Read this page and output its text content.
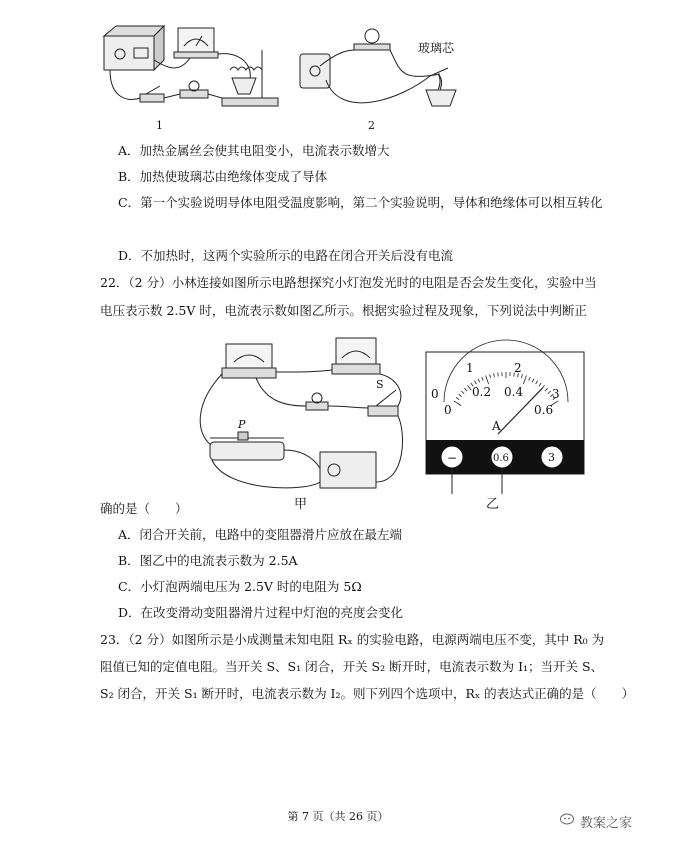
1
玻璃芯
2
A．加热金属丝会使其电阻变小，电流表示数增大
B．加热使玻璃芯由绝缘体变成了导体
C．第一个实验说明导体电阻受温度影响，第二个实验说明，导体和绝缘体可以相互转化
D．不加热时，这两个实验所示的电路在闭合开关后没有电流
22．（2 分）小林连接如图所示电路想探究小灯泡发光时的电阻是否会发生变化，实验中当
电压表示数 2.5V 时，电流表示数如图乙所示。根据实验过程及现象，下列说法中判断正
P
S
甲
0
1	2
3
0
0.2 0.4
0.6
A
−	0.6	3
乙
确的是（　　）
A．闭合开关前，电路中的变阻器滑片应放在最左端
B．图乙中的电流表示数为 2.5A
C．小灯泡两端电压为 2.5V 时的电阻为 5Ω
D．在改变滑动变阻器滑片过程中灯泡的亮度会变化
23．（2 分）如图所示是小成测量未知电阻 Rₓ 的实验电路，电源两端电压不变，其中 R₀ 为
阻值已知的定值电阻。当开关 S、S₁ 闭合，开关 S₂ 断开时，电流表示数为 I₁；当开关 S、
S₂ 闭合，开关 S₁ 断开时，电流表示数为 I₂。则下列四个选项中，Rₓ 的表达式正确的是（　　）
第 7 页（共 26 页）	教案之家
